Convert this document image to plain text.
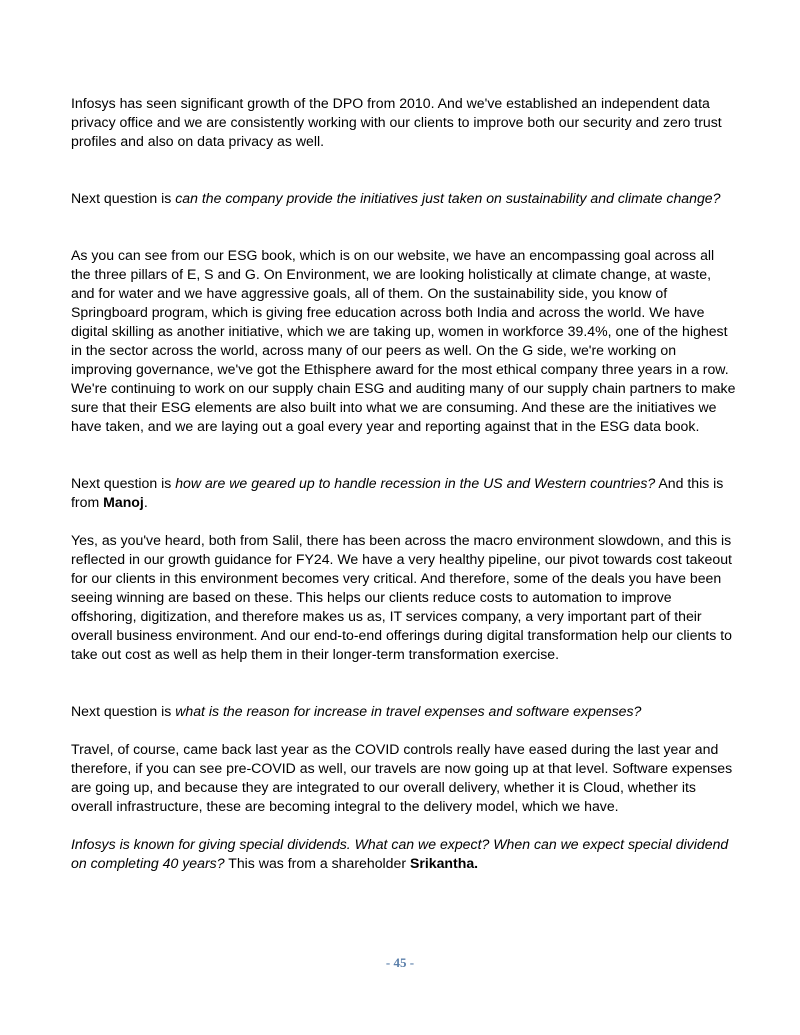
Infosys has seen significant growth of the DPO from 2010. And we've established an independent data privacy office and we are consistently working with our clients to improve both our security and zero trust profiles and also on data privacy as well.

Next question is can the company provide the initiatives just taken on sustainability and climate change?

As you can see from our ESG book, which is on our website, we have an encompassing goal across all the three pillars of E, S and G. On Environment, we are looking holistically at climate change, at waste, and for water and we have aggressive goals, all of them. On the sustainability side, you know of Springboard program, which is giving free education across both India and across the world. We have digital skilling as another initiative, which we are taking up, women in workforce 39.4%, one of the highest in the sector across the world, across many of our peers as well. On the G side, we're working on improving governance, we've got the Ethisphere award for the most ethical company three years in a row. We're continuing to work on our supply chain ESG and auditing many of our supply chain partners to make sure that their ESG elements are also built into what we are consuming. And these are the initiatives we have taken, and we are laying out a goal every year and reporting against that in the ESG data book.

Next question is how are we geared up to handle recession in the US and Western countries? And this is from Manoj.

Yes, as you've heard, both from Salil, there has been across the macro environment slowdown, and this is reflected in our growth guidance for FY24. We have a very healthy pipeline, our pivot towards cost takeout for our clients in this environment becomes very critical. And therefore, some of the deals you have been seeing winning are based on these. This helps our clients reduce costs to automation to improve offshoring, digitization, and therefore makes us as, IT services company, a very important part of their overall business environment. And our end-to-end offerings during digital transformation help our clients to take out cost as well as help them in their longer-term transformation exercise.

Next question is what is the reason for increase in travel expenses and software expenses?

Travel, of course, came back last year as the COVID controls really have eased during the last year and therefore, if you can see pre-COVID as well, our travels are now going up at that level. Software expenses are going up, and because they are integrated to our overall delivery, whether it is Cloud, whether its overall infrastructure, these are becoming integral to the delivery model, which we have.

Infosys is known for giving special dividends. What can we expect? When can we expect special dividend on completing 40 years? This was from a shareholder Srikantha.

- 45 -
